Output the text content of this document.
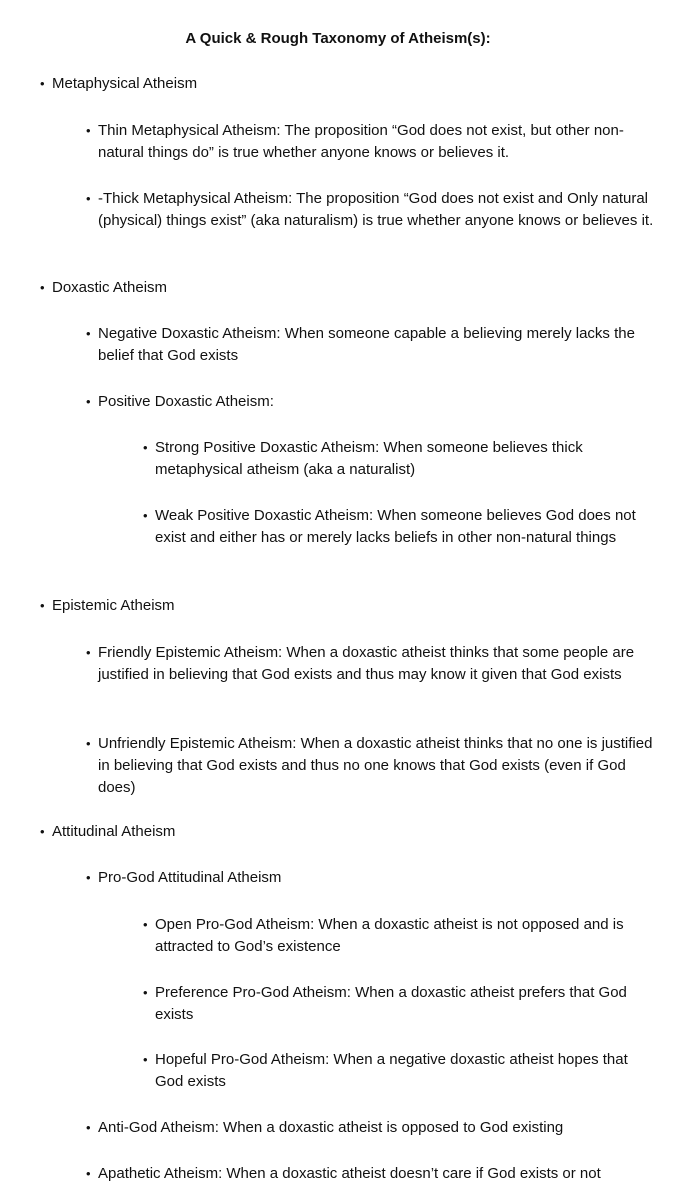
A Quick & Rough Taxonomy of Atheism(s):
• Metaphysical Atheism
• Thin Metaphysical Atheism: The proposition “God does not exist, but other non-natural things do” is true whether anyone knows or believes it.
• -Thick Metaphysical Atheism: The proposition “God does not exist and Only natural (physical) things exist” (aka naturalism) is true whether anyone knows or believes it.
• Doxastic Atheism
• Negative Doxastic Atheism: When someone capable a believing merely lacks the belief that God exists
• Positive Doxastic Atheism:
• Strong Positive Doxastic Atheism: When someone believes thick metaphysical atheism (aka a naturalist)
• Weak Positive Doxastic Atheism: When someone believes God does not exist and either has or merely lacks beliefs in other non-natural things
• Epistemic Atheism
• Friendly Epistemic Atheism: When a doxastic atheist thinks that some people are justified in believing that God exists and thus may know it given that God exists
• Unfriendly Epistemic Atheism: When a doxastic atheist thinks that no one is justified in believing that God exists and thus no one knows that God exists (even if God does)
• Attitudinal Atheism
• Pro-God Attitudinal Atheism
• Open Pro-God Atheism: When a doxastic atheist is not opposed and is attracted to God’s existence
• Preference Pro-God Atheism: When a doxastic atheist prefers that God exists
• Hopeful Pro-God Atheism: When a negative doxastic atheist hopes that God exists
• Anti-God Atheism: When a doxastic atheist is opposed to God existing
• Apathetic Atheism: When a doxastic atheist doesn’t care if God exists or not
